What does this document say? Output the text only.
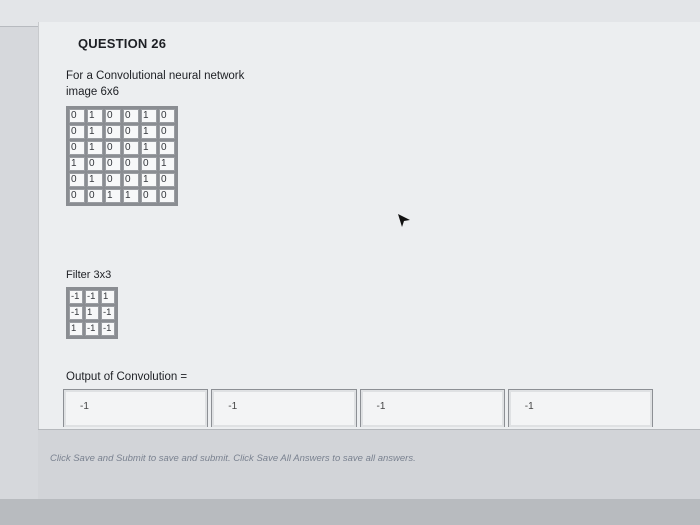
QUESTION 26
For a Convolutional neural network
image 6x6
0	1	0	0	1	0
0	1	0	0	1	0
0	1	0	0	1	0
1	0	0	0	0	1
0	1	0	0	1	0
0	0	1	1	0	0
Filter 3x3
-1	-1	1
-1	1	-1
1	-1	-1
Output of Convolution =
-1	-1	-1	-1
Click Save and Submit to save and submit. Click Save All Answers to save all answers.
